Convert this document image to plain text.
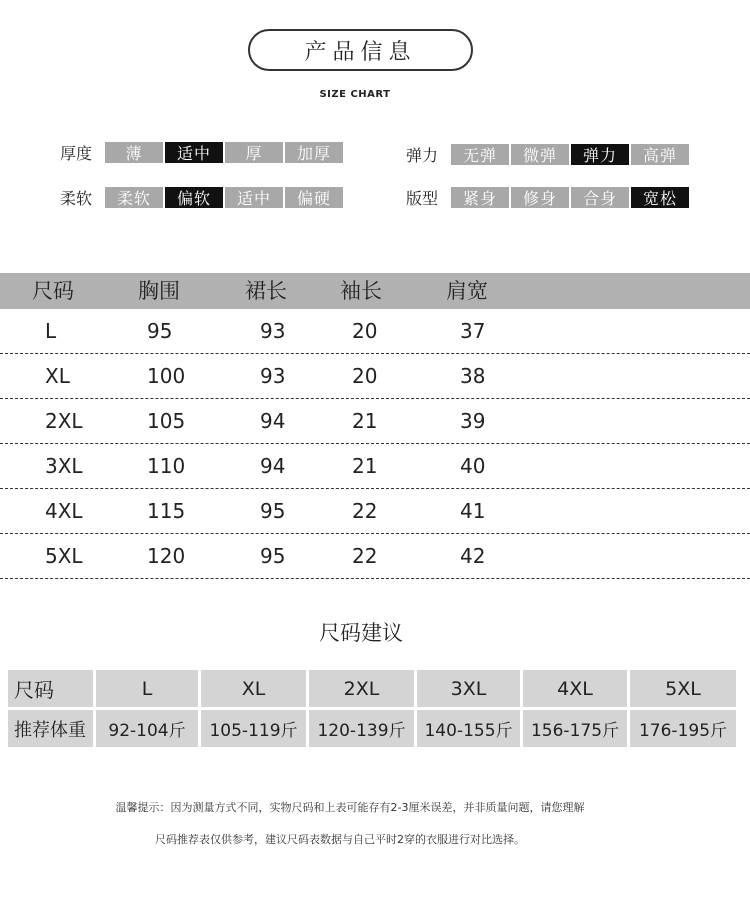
产品信息
SIZE CHART
厚度	薄	适中	厚	加厚	弹力	无弹	微弹	弹力	高弹
柔软	柔软	偏软	适中	偏硬	版型	紧身	修身	合身	宽松
尺码	胸围	裙长	袖长	肩宽
L	95	93	20	37
XL	100	93	20	38
2XL	105	94	21	39
3XL	110	94	21	40
4XL	115	95	22	41
5XL	120	95	22	42
尺码建议
尺码	L	XL	2XL	3XL	4XL	5XL
推荐体重	92-104斤	105-119斤	120-139斤	140-155斤	156-175斤	176-195斤
温馨提示：因为测量方式不同，实物尺码和上表可能存有2-3厘米误差，并非质量问题，请您理解
尺码推荐表仅供参考，建议尺码表数据与自己平时2穿的衣服进行对比选择。
